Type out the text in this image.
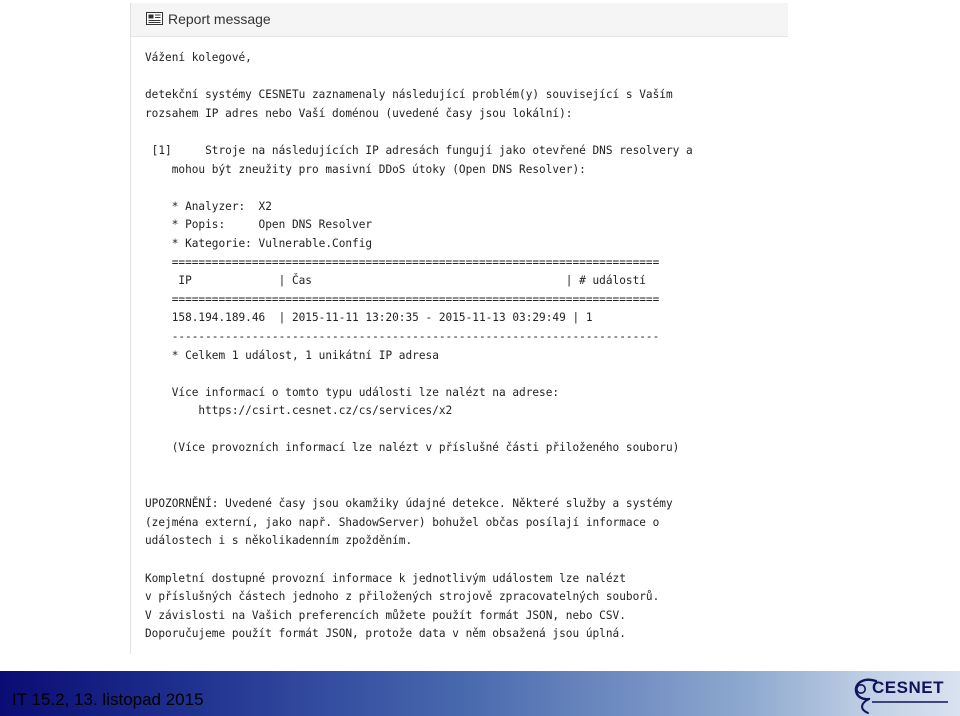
Report message
Vážení kolegové,

detekční systémy CESNETu zaznamenaly následující problém(y) související s Vaším
rozsahem IP adres nebo Vaší doménou (uvedené časy jsou lokální):

[1]     Stroje na následujících IP adresách fungují jako otevřené DNS resolvery a
mohou být zneužity pro masivní DDoS útoky (Open DNS Resolver):

* Analyzer:  X2
* Popis:     Open DNS Resolver
* Kategorie: Vulnerable.Config
=========================================================================
IP             | Čas                                      | # událostí
=========================================================================
158.194.189.46  | 2015-11-11 13:20:35 - 2015-11-13 03:29:49 | 1
-------------------------------------------------------------------------
* Celkem 1 událost, 1 unikátní IP adresa

Více informací o tomto typu události lze nalézt na adrese:
https://csirt.cesnet.cz/cs/services/x2

(Více provozních informací lze nalézt v příslušné části přiloženého souboru)

UPOZORNĚNÍ: Uvedené časy jsou okamžiky údajné detekce. Některé služby a systémy
(zejména externí, jako např. ShadowServer) bohužel občas posílají informace o
událostech i s několikadenním zpožděním.

Kompletní dostupné provozní informace k jednotlivým událostem lze nalézt
v příslušných částech jednoho z přiložených strojově zpracovatelných souborů.
V závislosti na Vašich preferencích můžete použít formát JSON, nebo CSV.
Doporučujeme použít formát JSON, protože data v něm obsažená jsou úplná.
IT 15.2, 13. listopad 2015
CESNET
